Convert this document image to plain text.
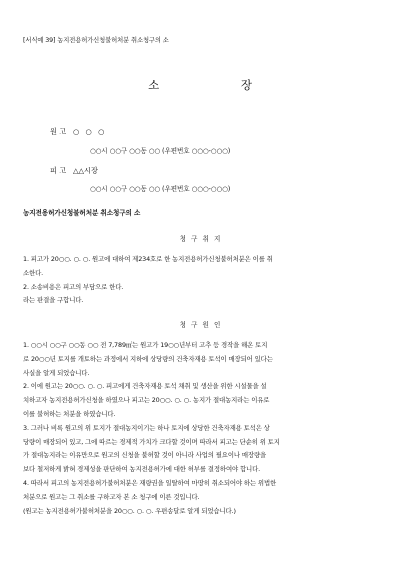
[서식예 39] 농지전용허가신청불허처분 취소청구의 소
소 장
원 고 ○ ○ ○
○○시 ○○구 ○○동 ○○ (우편번호 ○○○-○○○)
피 고 △△시장
○○시 ○○구 ○○동 ○○ (우편번호 ○○○-○○○)
농지전용허가신청불허처분 취소청구의 소
청 구 취 지
1. 피고가 20○○. ○. ○. 원고에 대하여 제234호로 한 농지전용허가신청불허처분은 이를 취
소한다.
2. 소송비용은 피고의 부담으로 한다.
라는 판결을 구합니다.
청 구 원 인
1. ○○시 ○○구 ○○동 ○○ 전 7,789㎡는 원고가 19○○년부터 고추 등 경작을 해온 토지
로 20○○년 토지를 개토하는 과정에서 지하에 상당량의 건축자재용 토석이 매장되어 있다는
사실을 알게 되었습니다.
2. 이에 원고는 20○○. ○. ○. 피고에게 건축자재용 토석 채취 및 생산을 위한 시설물을 설
치하고자 농지전용허가신청을 하였으나 피고는 20○○. ○. ○. 농지가 절대농지라는 이유로
이를 불허하는 처분을 하였습니다.
3. 그러나 비록 원고의 위 토지가 절대농지이기는 하나 토지에 상당한 건축자재용 토석은 상
당량이 매장되어 있고, 그에 따르는 경제적 가치가 크다할 것이며 따라서 피고는 단순히 위 토지
가 절대농지라는 이유만으로 원고의 신청을 불허할 것이 아니라 사업의 필요이나 매장량을
보다 철저하게 밝혀 경제성을 판단하여 농지전용허가에 대한 허부를 결정하여야 합니다.
4. 따라서 피고의 농지전용허가불허처분은 재량권을 일탈하여 마땅히 취소되어야 하는 위법한
처분으로 원고는 그 취소를 구하고자 본 소 청구에 이른 것입니다.
(원고는 농지전용허가불허처분을 20○○. ○. ○. 우편송달로 알게 되었습니다.)
